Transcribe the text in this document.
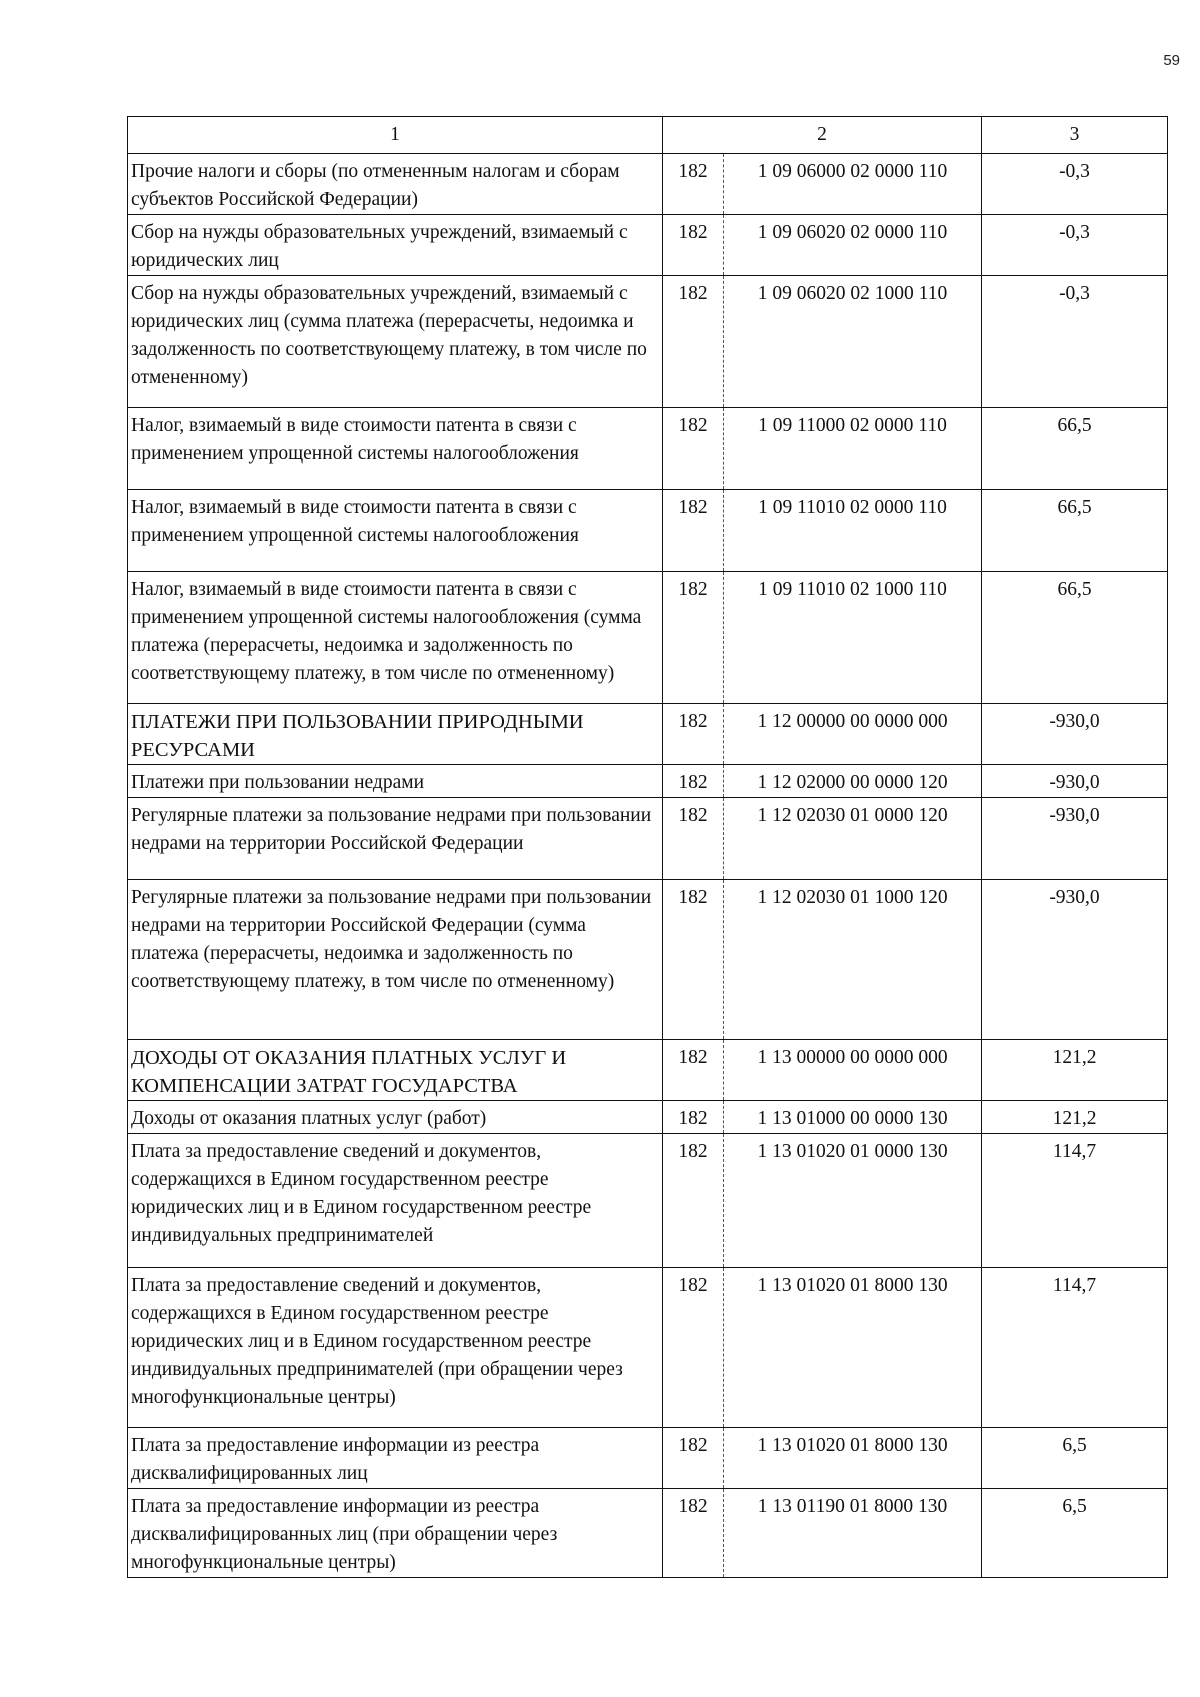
59
1	2		3
Прочие налоги и сборы (по отмененным налогам и сборам субъектов Российской Федерации)	182	1 09 06000 02 0000 110	-0,3
Сбор на нужды образовательных учреждений, взимаемый с юридических лиц	182	1 09 06020 02 0000 110	-0,3
Сбор на нужды образовательных учреждений, взимаемый с юридических лиц (сумма платежа (перерасчеты, недоимка и задолженность по соответствующему платежу, в том числе по отмененному)	182	1 09 06020 02 1000 110	-0,3
Налог, взимаемый в виде стоимости патента в связи с применением упрощенной системы налогообложения	182	1 09 11000 02 0000 110	66,5
Налог, взимаемый в виде стоимости патента в связи с применением упрощенной системы налогообложения	182	1 09 11010 02 0000 110	66,5
Налог, взимаемый в виде стоимости патента в связи с применением упрощенной системы налогообложения (сумма платежа (перерасчеты, недоимка и задолженность по соответствующему платежу, в том числе по отмененному)	182	1 09 11010 02 1000 110	66,5
ПЛАТЕЖИ ПРИ ПОЛЬЗОВАНИИ ПРИРОДНЫМИ РЕСУРСАМИ	182	1 12 00000 00 0000 000	-930,0
Платежи при пользовании недрами	182	1 12 02000 00 0000 120	-930,0
Регулярные платежи за пользование недрами при пользовании недрами на территории Российской Федерации	182	1 12 02030 01 0000 120	-930,0
Регулярные платежи за пользование недрами при пользовании недрами на территории Российской Федерации (сумма платежа (перерасчеты, недоимка и задолженность по соответствующему платежу, в том числе по отмененному)	182	1 12 02030 01 1000 120	-930,0
ДОХОДЫ ОТ ОКАЗАНИЯ ПЛАТНЫХ УСЛУГ И КОМПЕНСАЦИИ ЗАТРАТ ГОСУДАРСТВА	182	1 13 00000 00 0000 000	121,2
Доходы от оказания платных услуг (работ)	182	1 13 01000 00 0000 130	121,2
Плата за предоставление сведений и документов, содержащихся в Едином государственном реестре юридических лиц и в Едином государственном реестре индивидуальных предпринимателей	182	1 13 01020 01 0000 130	114,7
Плата за предоставление сведений и документов, содержащихся в Едином государственном реестре юридических лиц и в Едином государственном реестре индивидуальных предпринимателей (при обращении через многофункциональные центры)	182	1 13 01020 01 8000 130	114,7
Плата за предоставление информации из реестра дисквалифицированных лиц	182	1 13 01020 01 8000 130	6,5
Плата за предоставление информации из реестра дисквалифицированных лиц (при обращении через многофункциональные центры)	182	1 13 01190 01 8000 130	6,5
